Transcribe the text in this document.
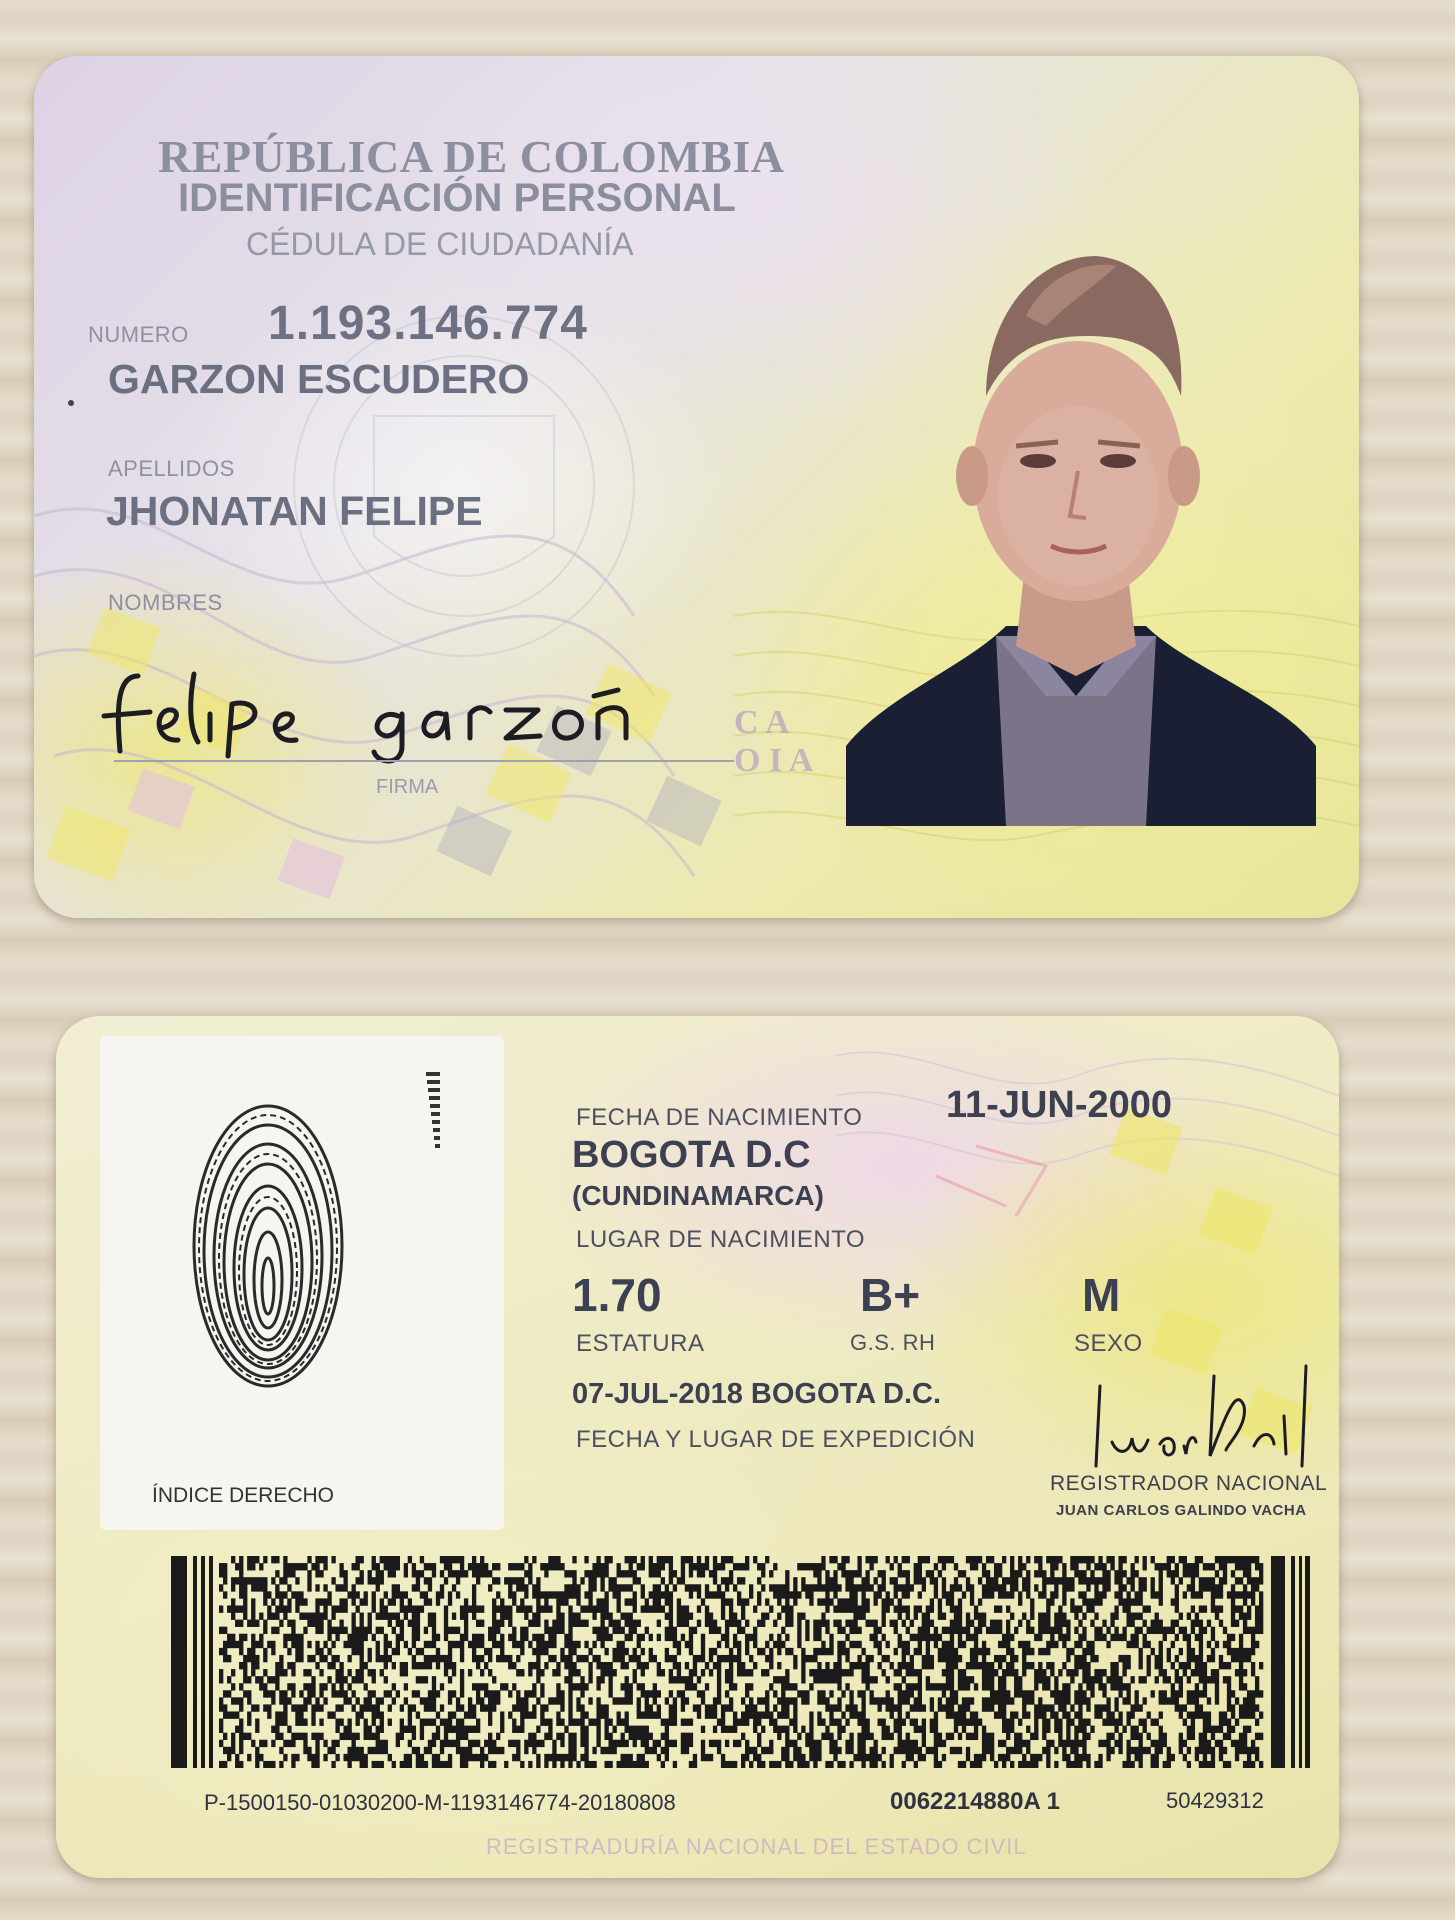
REPÚBLICA DE COLOMBIA
IDENTIFICACIÓN PERSONAL
CÉDULA DE CIUDADANÍA
NUMERO 1.193.146.774
GARZON ESCUDERO
APELLIDOS
JHONATAN FELIPE
NOMBRES
FIRMA
C A
O I A
ÍNDICE DERECHO
FECHA DE NACIMIENTO 11-JUN-2000
BOGOTA D.C
(CUNDINAMARCA)
LUGAR DE NACIMIENTO
1.70	B+	M
ESTATURA	G.S. RH	SEXO
07-JUL-2018 BOGOTA D.C.
FECHA Y LUGAR DE EXPEDICIÓN
REGISTRADOR NACIONAL
JUAN CARLOS GALINDO VACHA
P-1500150-01030200-M-1193146774-20180808	0062214880A 1	50429312
REGISTRADURÍA NACIONAL DEL ESTADO CIVIL
